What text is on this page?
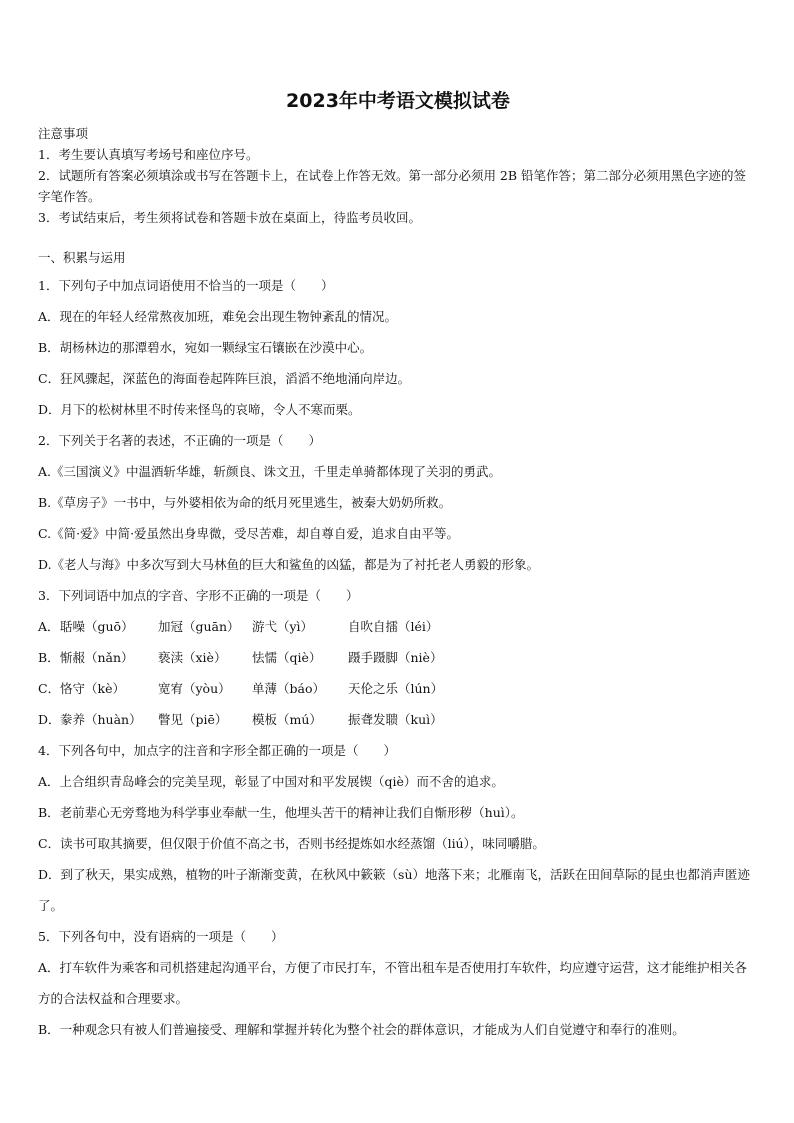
2023年中考语文模拟试卷
注意事项

1．考生要认真填写考场号和座位序号。

2．试题所有答案必须填涂或书写在答题卡上，在试卷上作答无效。第一部分必须用 2B 铅笔作答；第二部分必须用黑色字迹的签字笔作答。

3．考试结束后，考生须将试卷和答题卡放在桌面上，待监考员收回。

一、积累与运用

1．下列句子中加点词语使用不恰当的一项是（　　）

A．现在的年轻人经常熬夜加班，难免会出现生物钟紊乱的情况。

B．胡杨林边的那潭碧水，宛如一颗绿宝石镶嵌在沙漠中心。

C．狂风骤起，深蓝色的海面卷起阵阵巨浪，滔滔不绝地涌向岸边。

D．月下的松树林里不时传来怪鸟的哀啼，令人不寒而栗。

2．下列关于名著的表述，不正确的一项是（　　）

A.《三国演义》中温酒斩华雄，斩颜良、诛文丑，千里走单骑都体现了关羽的勇武。

B.《草房子》一书中，与外婆相依为命的纸月死里逃生，被秦大奶奶所救。

C.《简·爱》中简·爱虽然出身卑微，受尽苦难，却自尊自爱，追求自由平等。

D.《老人与海》中多次写到大马林鱼的巨大和鲨鱼的凶猛，都是为了衬托老人勇毅的形象。

3．下列词语中加点的字音、字形不正确的一项是（　　）

A． 聒噪（guō）	加冠（guān） 游弋（yì）	自吹自擂（léi）
B． 惭赧（nǎn）	亵渎（xiè）	怯懦（qiè）	蹑手蹑脚（niè）
C． 恪守（kè）	宽宥（yòu）	单薄（báo）	天伦之乐（lún）
D． 豢养（huàn）	瞥见（piē）	模板（mú）	振聋发聩（kuì）

4．下列各句中，加点字的注音和字形全都正确的一项是（　　）

A．上合组织青岛峰会的完美呈现，彰显了中国对和平发展锲（qiè）而不舍的追求。

B．老前辈心无旁骛地为科学事业奉献一生，他埋头苦干的精神让我们自惭形秽（huì）。

C．读书可取其摘要，但仅限于价值不高之书，否则书经提炼如水经蒸馏（liú），味同嚼腊。

D．到了秋天，果实成熟，植物的叶子渐渐变黄，在秋风中簌簌（sù）地落下来；北雁南飞，活跃在田间草际的昆虫也都消声匿迹了。

5．下列各句中，没有语病的一项是（　　）

A．打车软件为乘客和司机搭建起沟通平台，方便了市民打车，不管出租车是否使用打车软件，均应遵守运营，这才能维护相关各方的合法权益和合理要求。

B．一种观念只有被人们普遍接受、理解和掌握并转化为整个社会的群体意识，才能成为人们自觉遵守和奉行的准则。
